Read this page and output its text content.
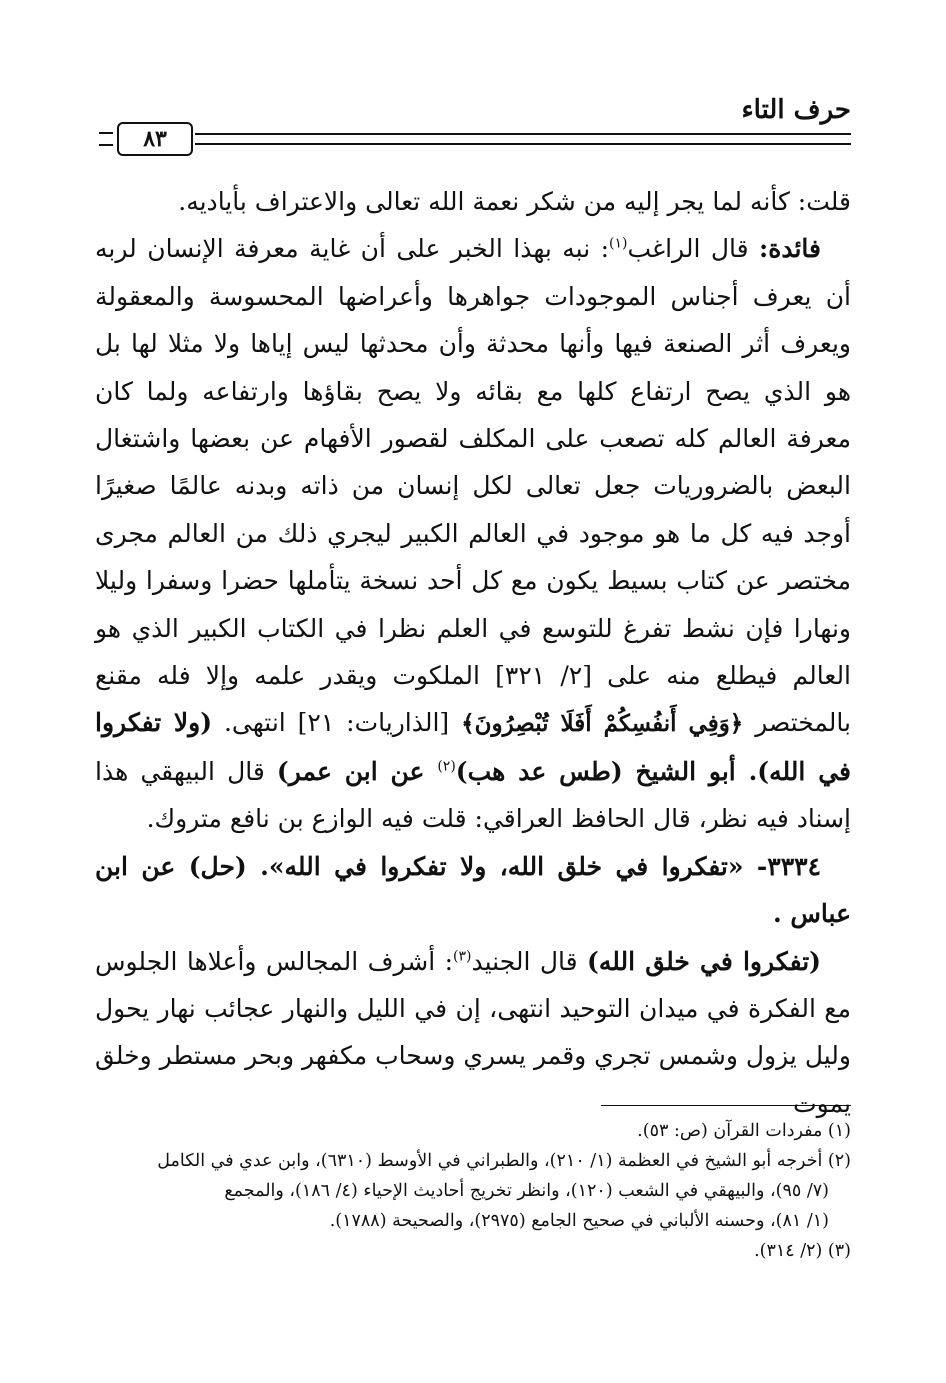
حرف التاء
٨٣

قلت: كأنه لما يجر إليه من شكر نعمة الله تعالى والاعتراف بأياديه.

فائدة: قال الراغب$^{(١)}$: نبه بهذا الخبر على أن غاية معرفة الإنسان لربه أن يعرف أجناس الموجودات جواهرها وأعراضها المحسوسة والمعقولة ويعرف أثر الصنعة فيها وأنها محدثة وأن محدثها ليس إياها ولا مثلا لها بل هو الذي يصح ارتفاع كلها مع بقائه ولا يصح بقاؤها وارتفاعه ولما كان معرفة العالم كله تصعب على المكلف لقصور الأفهام عن بعضها واشتغال البعض بالضروريات جعل تعالى لكل إنسان من ذاته وبدنه عالمًا صغيرًا أوجد فيه كل ما هو موجود في العالم الكبير ليجري ذلك من العالم مجرى مختصر عن كتاب بسيط يكون مع كل أحد نسخة يتأملها حضرا وسفرا وليلا ونهارا فإن نشط تفرغ للتوسع في العلم نظرا في الكتاب الكبير الذي هو العالم فيطلع منه على [٢/ ٣٢١] الملكوت ويقدر علمه وإلا فله مقنع بالمختصر ﴿وَفِي أَنفُسِكُمْ أَفَلَا تُبْصِرُونَ﴾ [الذاريات: ٢١] انتهى. (ولا تفكروا في الله). أبو الشيخ (طس عد هب)$^{(٢)}$ عن ابن عمر) قال البيهقي هذا إسناد فيه نظر، قال الحافظ العراقي: قلت فيه الوازع بن نافع متروك.

٣٣٣٤- «تفكروا في خلق الله، ولا تفكروا في الله». (حل) عن ابن عباس .

(تفكروا في خلق الله) قال الجنيد$^{(٣)}$: أشرف المجالس وأعلاها الجلوس مع الفكرة في ميدان التوحيد انتهى، إن في الليل والنهار عجائب نهار يحول وليل يزول وشمس تجري وقمر يسري وسحاب مكفهر وبحر مستطر وخلق يموت

(١) مفردات القرآن (ص: ٥٣).

(٢) أخرجه أبو الشيخ في العظمة (١/ ٢١٠)، والطبراني في الأوسط (٦٣١٠)، وابن عدي في الكامل

(٧/ ٩٥)، والبيهقي في الشعب (١٢٠)، وانظر تخريج أحاديث الإحياء (٤/ ١٨٦)، والمجمع

(١/ ٨١)، وحسنه الألباني في صحيح الجامع (٢٩٧٥)، والصحيحة (١٧٨٨).

(٣) (٢/ ٣١٤).
